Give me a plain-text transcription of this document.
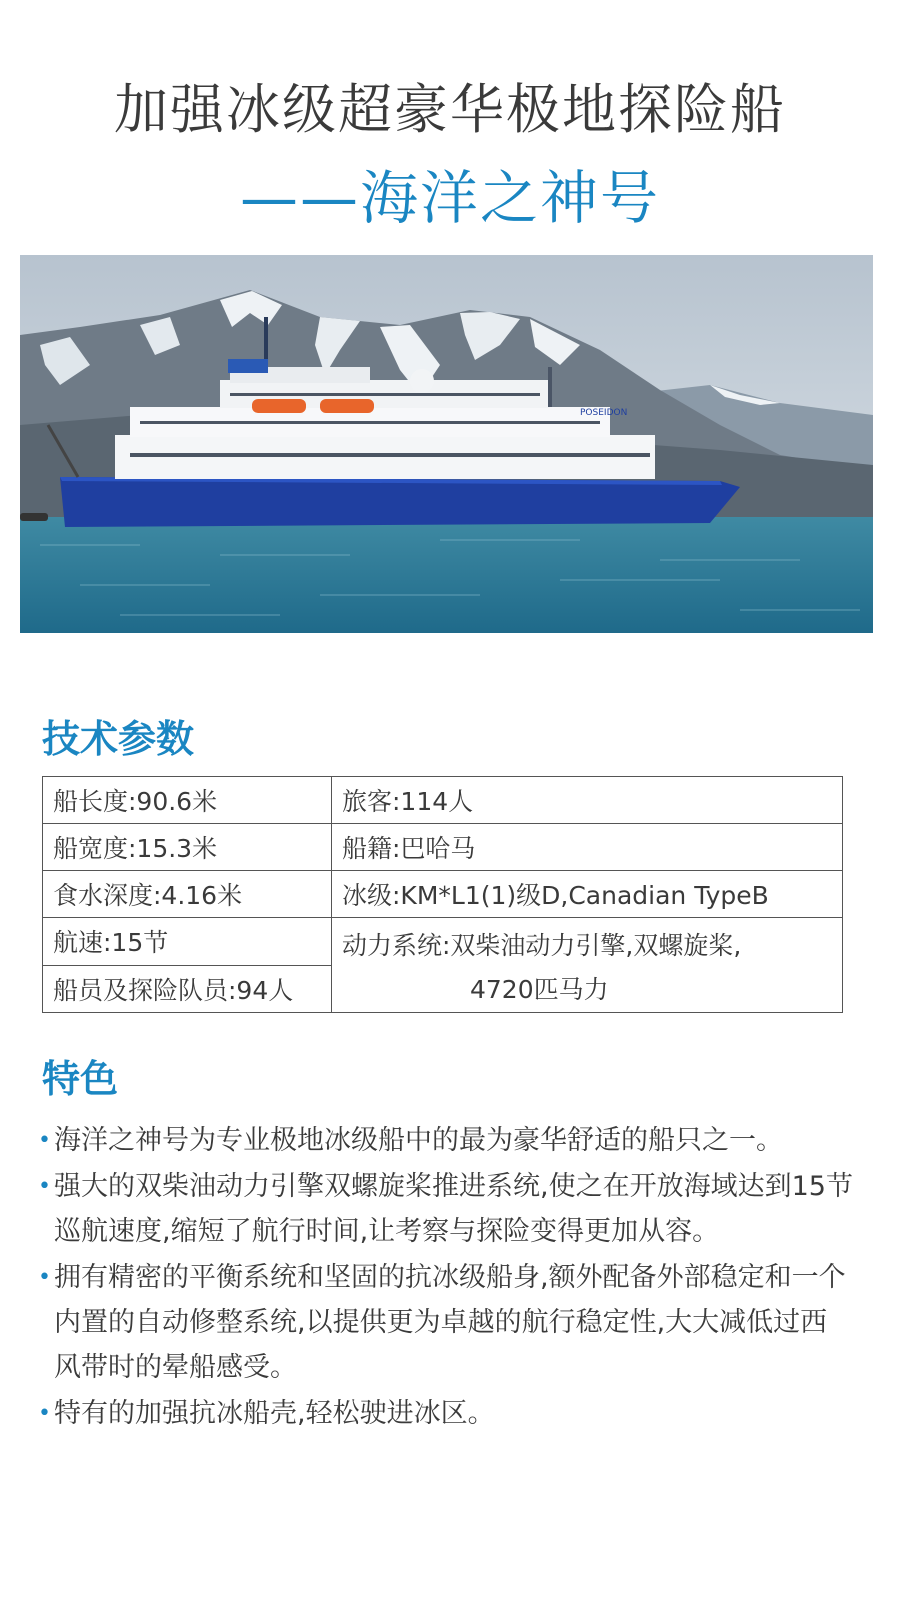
加强冰级超豪华极地探险船
——海洋之神号
POSEIDON
技术参数
船长度:90.6米	旅客:114人
船宽度:15.3米	船籍:巴哈马
食水深度:4.16米	冰级:KM*L1(1)级D,Canadian TypeB
航速:15节	动力系统:双柴油动力引擎,双螺旋桨,
4720匹马力

船员及探险队员:94人	
特色
• 海洋之神号为专业极地冰级船中的最为豪华舒适的船只之一。
• 强大的双柴油动力引擎双螺旋桨推进系统,使之在开放海域达到15节巡航速度,缩短了航行时间,让考察与探险变得更加从容。
• 拥有精密的平衡系统和坚固的抗冰级船身,额外配备外部稳定和一个内置的自动修整系统,以提供更为卓越的航行稳定性,大大减低过西风带时的晕船感受。
• 特有的加强抗冰船壳,轻松驶进冰区。
